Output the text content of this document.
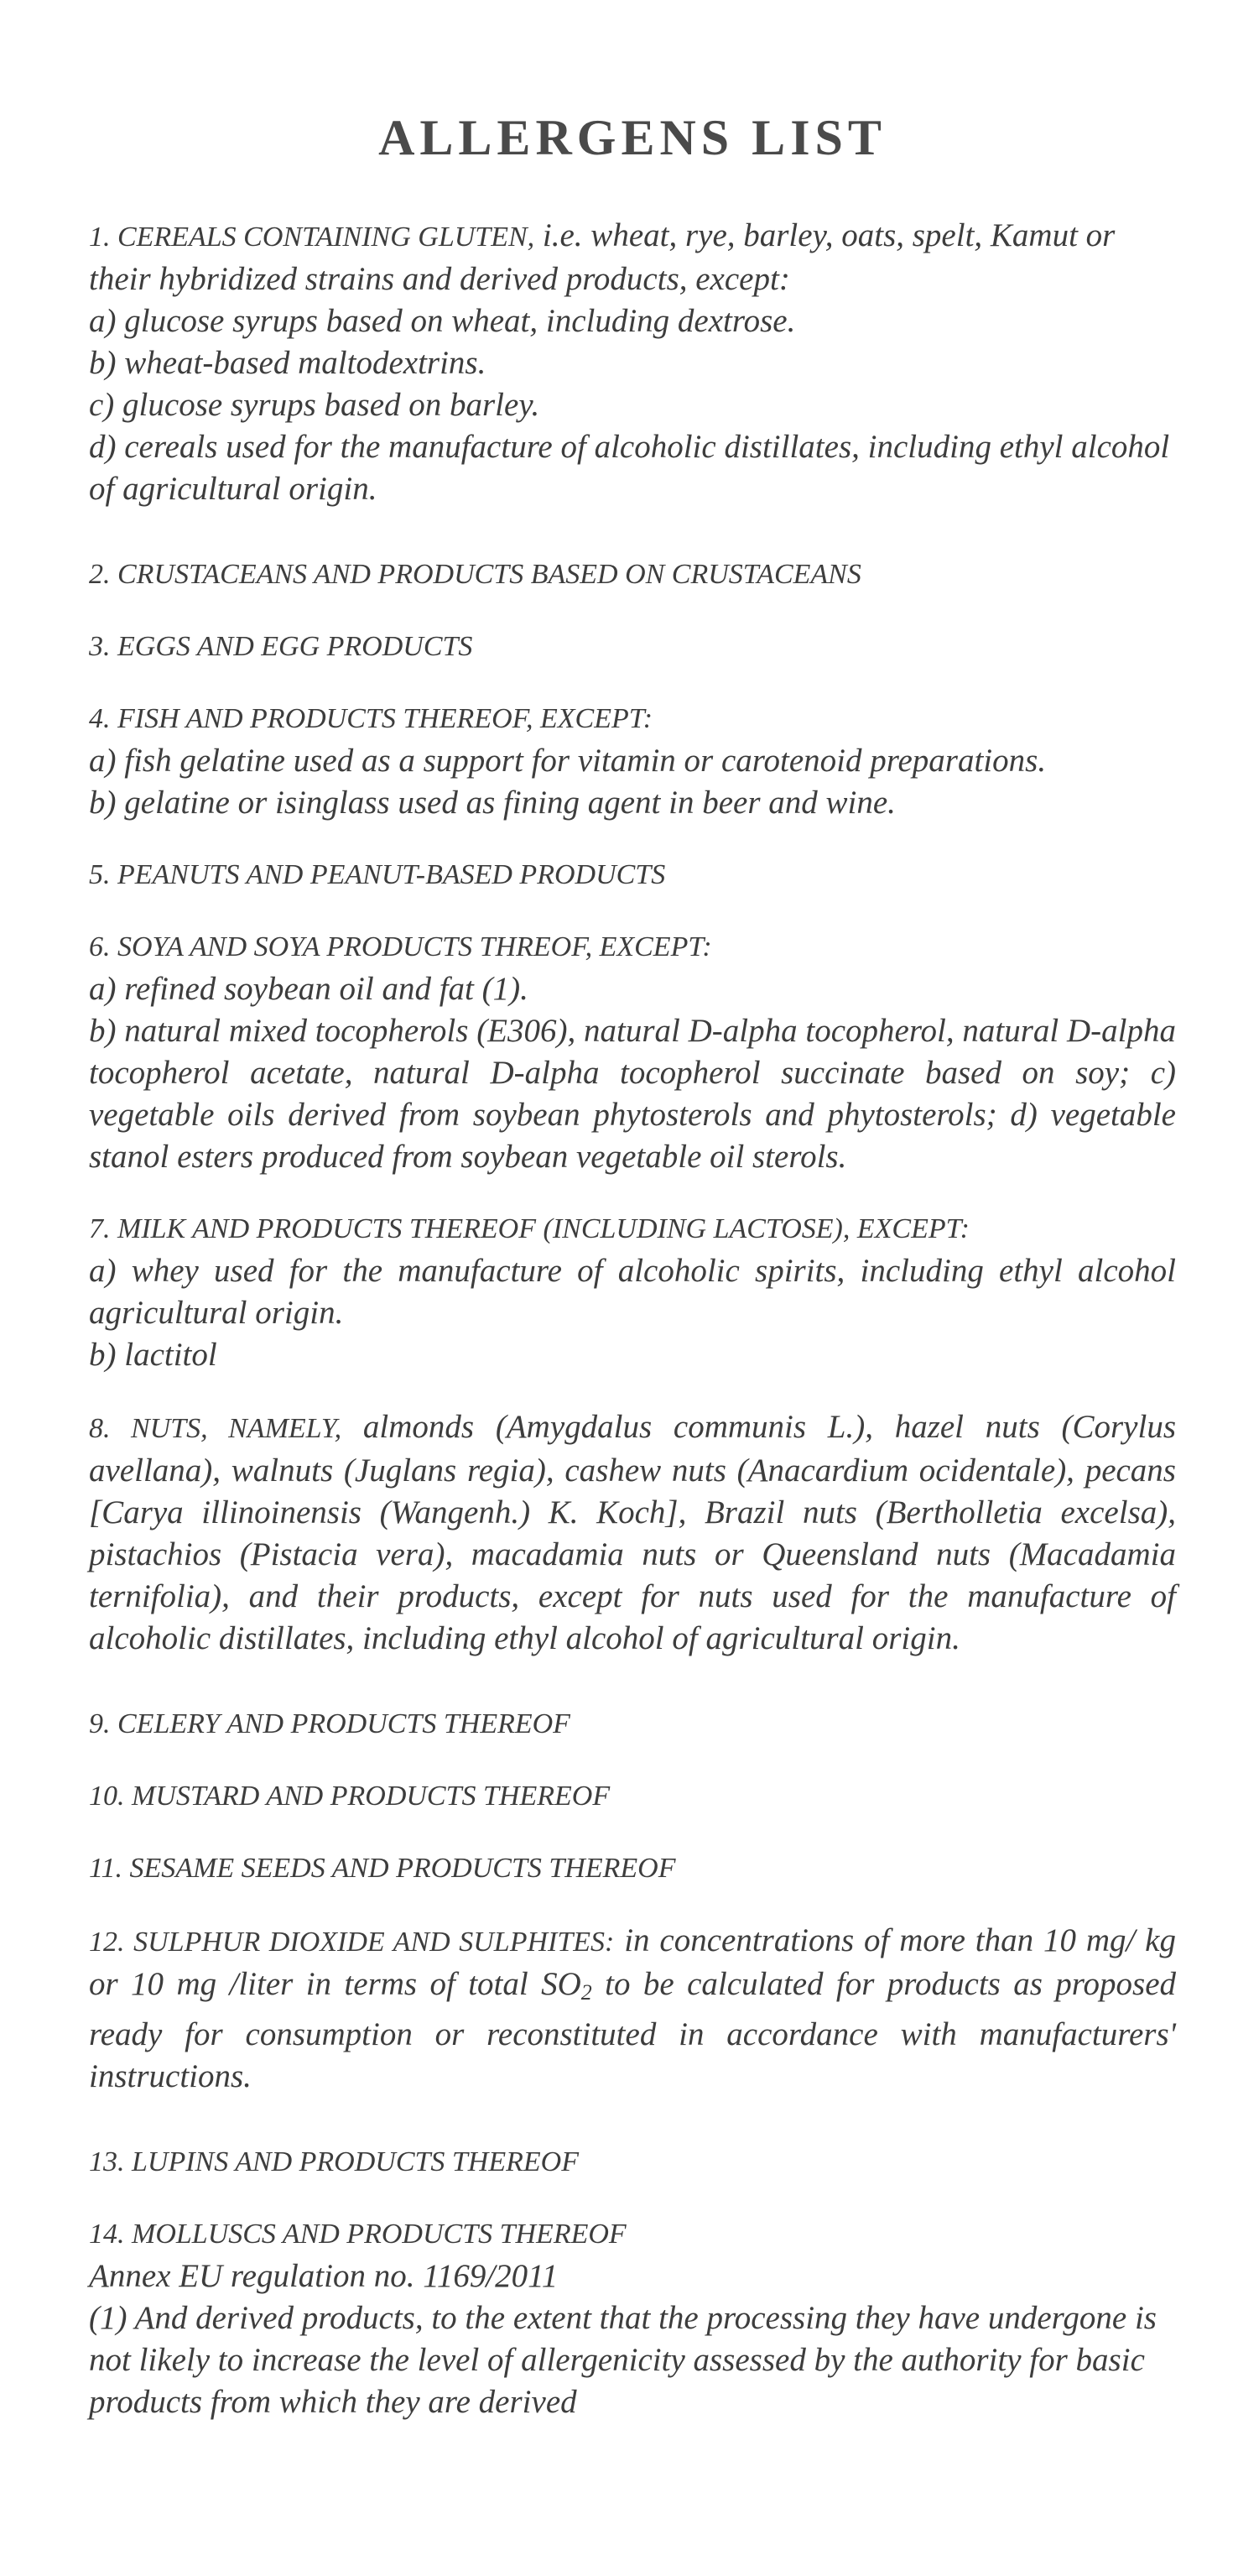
ALLERGENS LIST

1. CEREALS CONTAINING GLUTEN, i.e. wheat, rye, barley, oats, spelt, Kamut or their hybridized strains and derived products, except:

a) glucose syrups based on wheat, including dextrose.

b) wheat-based maltodextrins.

c) glucose syrups based on barley.

d) cereals used for the manufacture of alcoholic distillates, including ethyl alcohol of agricultural origin.

2. CRUSTACEANS AND PRODUCTS BASED ON CRUSTACEANS

3. EGGS AND EGG PRODUCTS

4. FISH AND PRODUCTS THEREOF, EXCEPT:

a) fish gelatine used as a support for vitamin or carotenoid preparations.

b) gelatine or isinglass used as fining agent in beer and wine.

5. PEANUTS AND PEANUT-BASED PRODUCTS

6. SOYA AND SOYA PRODUCTS THREOF, EXCEPT:

a) refined soybean oil and fat (1).

b) natural mixed tocopherols (E306), natural D-alpha tocopherol, natural D-alpha tocopherol acetate, natural D-alpha tocopherol succinate based on soy; c) vegetable oils derived from soybean phytosterols and phytosterols; d) vegetable stanol esters produced from soybean vegetable oil sterols.

7. MILK AND PRODUCTS THEREOF (INCLUDING LACTOSE), EXCEPT:

a) whey used for the manufacture of alcoholic spirits, including ethyl alcohol agricultural origin.

b) lactitol

8. NUTS, NAMELY, almonds (Amygdalus communis L.), hazel nuts (Corylus avellana), walnuts (Juglans regia), cashew nuts (Anacardium ocidentale), pecans [Carya illinoinensis (Wangenh.) K. Koch], Brazil nuts (Bertholletia excelsa), pistachios (Pistacia vera), macadamia nuts or Queensland nuts (Macadamia ternifolia), and their products, except for nuts used for the manufacture of alcoholic distillates, including ethyl alcohol of agricultural origin.

9. CELERY AND PRODUCTS THEREOF

10. MUSTARD AND PRODUCTS THEREOF

11. SESAME SEEDS AND PRODUCTS THEREOF

12. SULPHUR DIOXIDE AND SULPHITES: in concentrations of more than 10 mg/ kg or 10 mg /liter in terms of total $SO_2$ to be calculated for products as proposed ready for consumption or reconstituted in accordance with manufacturers' instructions.

13. LUPINS AND PRODUCTS THEREOF

14. MOLLUSCS AND PRODUCTS THEREOF

Annex EU regulation no. 1169/2011

(1) And derived products, to the extent that the processing they have undergone is not likely to increase the level of allergenicity assessed by the authority for basic products from which they are derived
